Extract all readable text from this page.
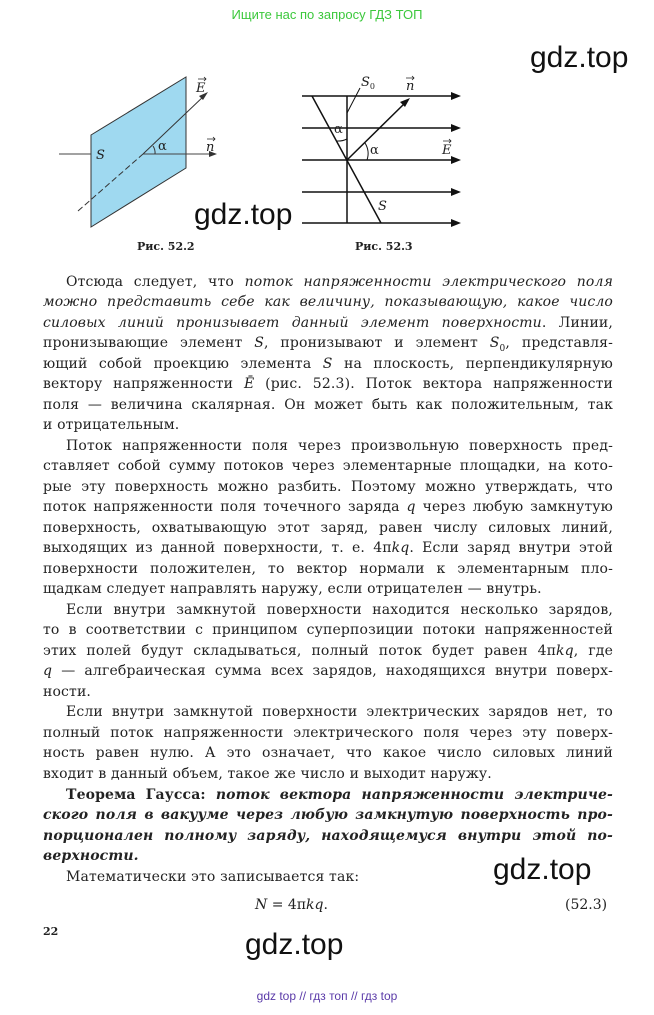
Ищите нас по запросу ГДЗ ТОП
S
α	n
E	$S_0$ n
α
α	E
S
Рис. 52.2	Рис. 52.3
gdz.top
gdz.top
gdz.top
gdz.top
Отсюда следует, что поток напряженности электрического поля
можно представить себе как величину, показывающую, какое число
силовых линий пронизывает данный элемент поверхности. Линии,
пронизывающие элемент S, пронизывают и элемент $S_0$, представля-
ющий собой проекцию элемента S на плоскость, перпендикулярную
вектору напряженности Ē (рис. 52.3). Поток вектора напряженности
поля — величина скалярная. Он может быть как положительным, так
и отрицательным.
Поток напряженности поля через произвольную поверхность пред-
ставляет собой сумму потоков через элементарные площадки, на кото-
рые эту поверхность можно разбить. Поэтому можно утверждать, что
поток напряженности поля точечного заряда q через любую замкнутую
поверхность, охватывающую этот заряд, равен числу силовых линий,
выходящих из данной поверхности, т. е. 4πkq. Если заряд внутри этой
поверхности положителен, то вектор нормали к элементарным пло-
щадкам следует направлять наружу, если отрицателен — внутрь.
Если внутри замкнутой поверхности находится несколько зарядов,
то в соответствии с принципом суперпозиции потоки напряженностей
этих полей будут складываться, полный поток будет равен 4πkq, где
q — алгебраическая сумма всех зарядов, находящихся внутри поверх-
ности.
Если внутри замкнутой поверхности электрических зарядов нет, то
полный поток напряженности электрического поля через эту поверх-
ность равен нулю. А это означает, что какое число силовых линий
входит в данный объем, такое же число и выходит наружу.
Теорема Гаусса: поток вектора напряженности электриче-
ского поля в вакууме через любую замкнутую поверхность про-
порционален полному заряду, находящемуся внутри этой по-
верхности.
Математически это записывается так:
N = 4πkq.	(52.3)
22
gdz top // гдз топ // гдз top
